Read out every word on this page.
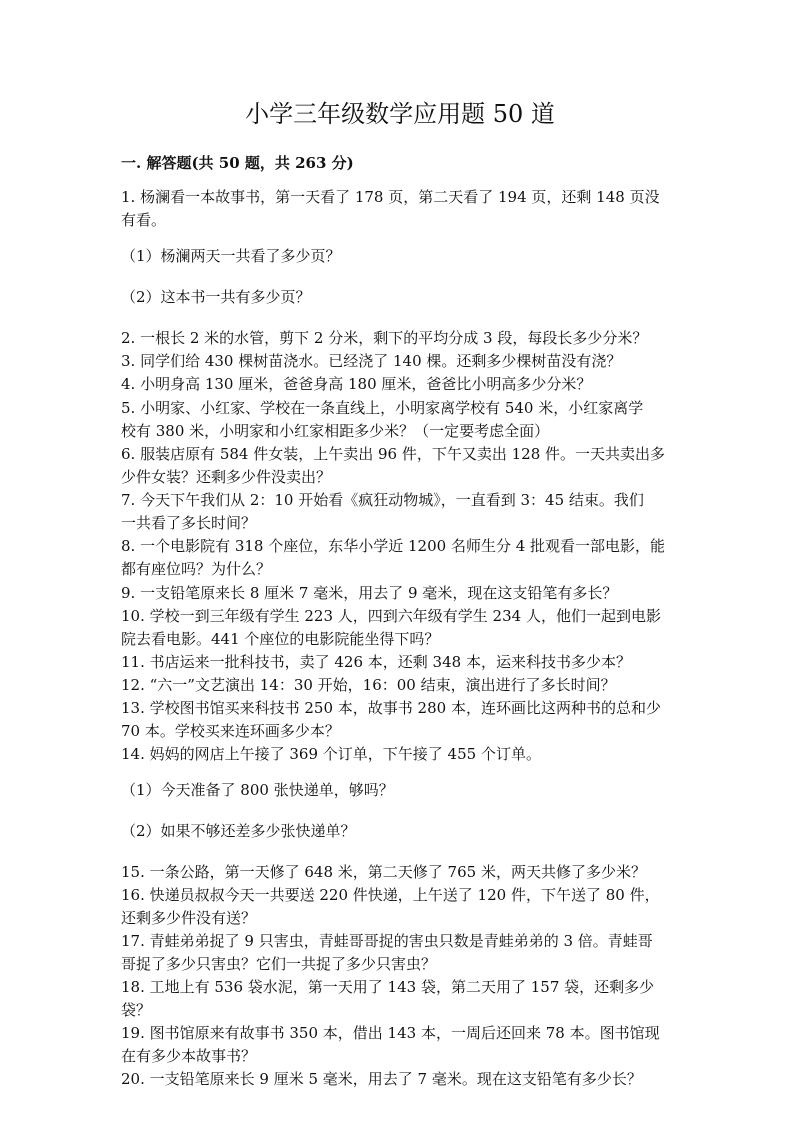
小学三年级数学应用题 50 道
一. 解答题(共 50 题，共 263 分)

1. 杨澜看一本故事书，第一天看了 178 页，第二天看了 194 页，还剩 148 页没

有看。

（1）杨澜两天一共看了多少页？

（2）这本书一共有多少页？

2. 一根长 2 米的水管，剪下 2 分米，剩下的平均分成 3 段，每段长多少分米？

3. 同学们给 430 棵树苗浇水。已经浇了 140 棵。还剩多少棵树苗没有浇？

4. 小明身高 130 厘米，爸爸身高 180 厘米，爸爸比小明高多少分米？

5. 小明家、小红家、学校在一条直线上，小明家离学校有 540 米，小红家离学

校有 380 米，小明家和小红家相距多少米？（一定要考虑全面）

6. 服装店原有 584 件女装，上午卖出 96 件，下午又卖出 128 件。一天共卖出多

少件女装？还剩多少件没卖出？

7. 今天下午我们从 2：10 开始看《疯狂动物城》，一直看到 3：45 结束。我们

一共看了多长时间？

8. 一个电影院有 318 个座位，东华小学近 1200 名师生分 4 批观看一部电影，能

都有座位吗？为什么？

9. 一支铅笔原来长 8 厘米 7 毫米，用去了 9 毫米，现在这支铅笔有多长？

10. 学校一到三年级有学生 223 人，四到六年级有学生 234 人，他们一起到电影

院去看电影。441 个座位的电影院能坐得下吗？

11. 书店运来一批科技书，卖了 426 本，还剩 348 本，运来科技书多少本？

12. “六一”文艺演出 14：30 开始，16：00 结束，演出进行了多长时间？

13. 学校图书馆买来科技书 250 本，故事书 280 本，连环画比这两种书的总和少

70 本。学校买来连环画多少本？

14. 妈妈的网店上午接了 369 个订单，下午接了 455 个订单。

（1）今天准备了 800 张快递单，够吗？

（2）如果不够还差多少张快递单？

15. 一条公路，第一天修了 648 米，第二天修了 765 米，两天共修了多少米？

16. 快递员叔叔今天一共要送 220 件快递，上午送了 120 件，下午送了 80 件，

还剩多少件没有送？

17. 青蛙弟弟捉了 9 只害虫，青蛙哥哥捉的害虫只数是青蛙弟弟的 3 倍。青蛙哥

哥捉了多少只害虫？它们一共捉了多少只害虫？

18. 工地上有 536 袋水泥，第一天用了 143 袋，第二天用了 157 袋，还剩多少

袋？

19. 图书馆原来有故事书 350 本，借出 143 本，一周后还回来 78 本。图书馆现

在有多少本故事书？

20. 一支铅笔原来长 9 厘米 5 毫米，用去了 7 毫米。现在这支铅笔有多少长？
